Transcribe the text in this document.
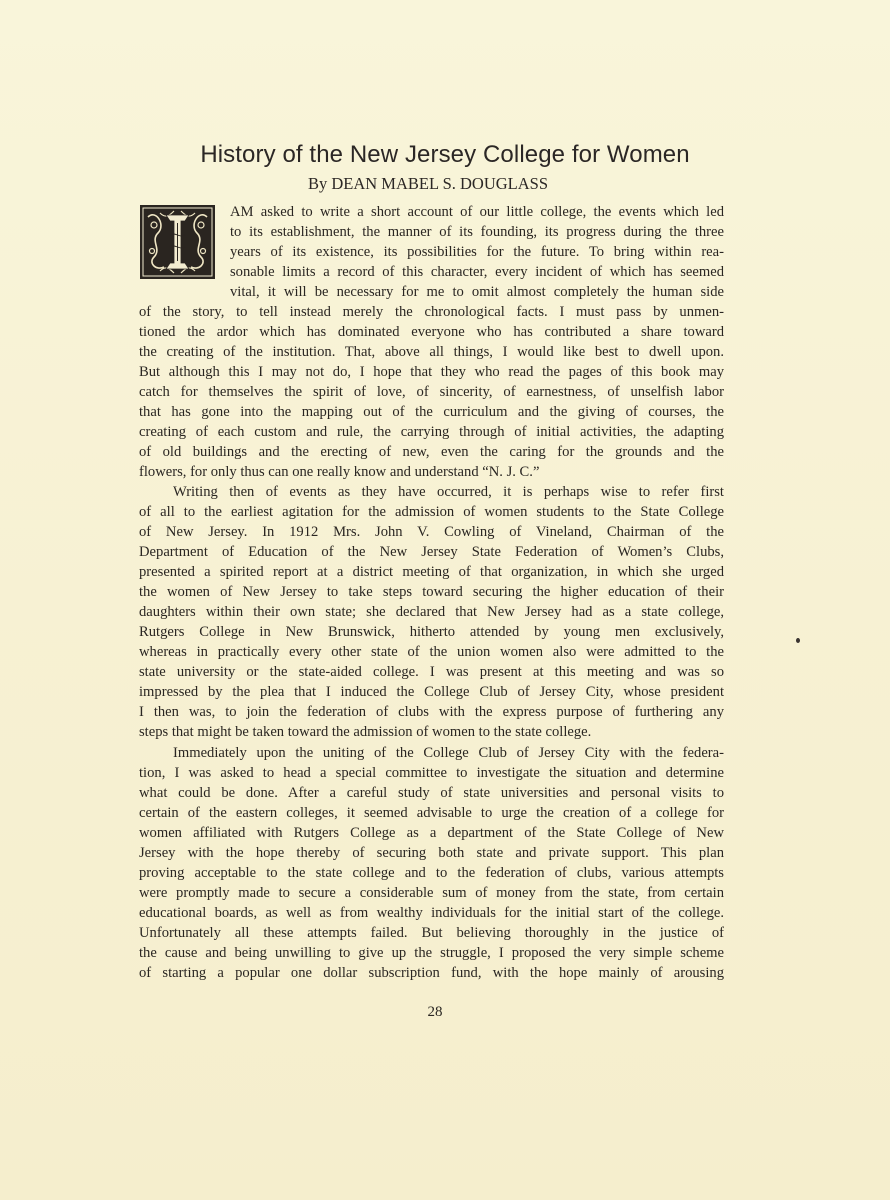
History of the New Jersey College for Women
By DEAN MABEL S. DOUGLASS
AM asked to write a short account of our little college, the events which led
to its establishment, the manner of its founding, its progress during the three
years of its existence, its possibilities for the future. To bring within rea-
sonable limits a record of this character, every incident of which has seemed
vital, it will be necessary for me to omit almost completely the human side
of the story, to tell instead merely the chronological facts. I must pass by unmen-
tioned the ardor which has dominated everyone who has contributed a share toward
the creating of the institution. That, above all things, I would like best to dwell upon.
But although this I may not do, I hope that they who read the pages of this book may
catch for themselves the spirit of love, of sincerity, of earnestness, of unselfish labor
that has gone into the mapping out of the curriculum and the giving of courses, the
creating of each custom and rule, the carrying through of initial activities, the adapting
of old buildings and the erecting of new, even the caring for the grounds and the
flowers, for only thus can one really know and understand “N. J. C.”
Writing then of events as they have occurred, it is perhaps wise to refer first
of all to the earliest agitation for the admission of women students to the State College
of New Jersey. In 1912 Mrs. John V. Cowling of Vineland, Chairman of the
Department of Education of the New Jersey State Federation of Women’s Clubs,
presented a spirited report at a district meeting of that organization, in which she urged
the women of New Jersey to take steps toward securing the higher education of their
daughters within their own state; she declared that New Jersey had as a state college,
Rutgers College in New Brunswick, hitherto attended by young men exclusively,
whereas in practically every other state of the union women also were admitted to the
state university or the state-aided college. I was present at this meeting and was so
impressed by the plea that I induced the College Club of Jersey City, whose president
I then was, to join the federation of clubs with the express purpose of furthering any
steps that might be taken toward the admission of women to the state college.
Immediately upon the uniting of the College Club of Jersey City with the federa-
tion, I was asked to head a special committee to investigate the situation and determine
what could be done. After a careful study of state universities and personal visits to
certain of the eastern colleges, it seemed advisable to urge the creation of a college for
women affiliated with Rutgers College as a department of the State College of New
Jersey with the hope thereby of securing both state and private support. This plan
proving acceptable to the state college and to the federation of clubs, various attempts
were promptly made to secure a considerable sum of money from the state, from certain
educational boards, as well as from wealthy individuals for the initial start of the college.
Unfortunately all these attempts failed. But believing thoroughly in the justice of
the cause and being unwilling to give up the struggle, I proposed the very simple scheme
of starting a popular one dollar subscription fund, with the hope mainly of arousing
28
